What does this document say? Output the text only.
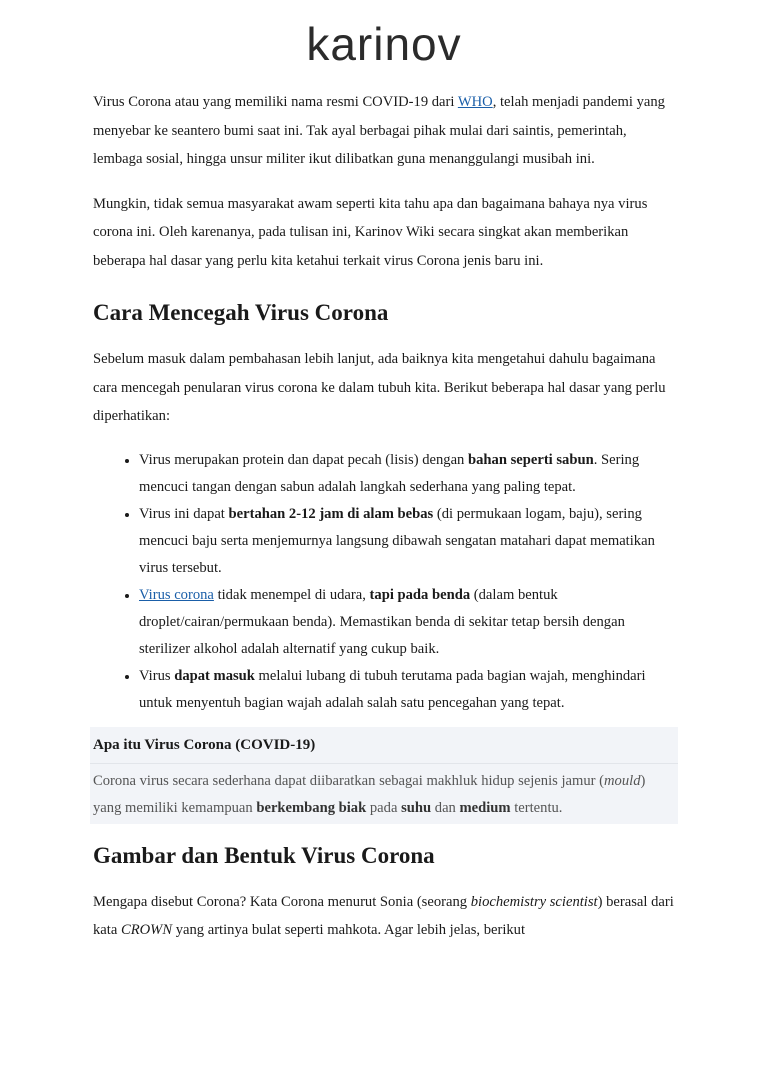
karinov

Virus Corona atau yang memiliki nama resmi COVID-19 dari WHO, telah menjadi pandemi yang menyebar ke seantero bumi saat ini. Tak ayal berbagai pihak mulai dari saintis, pemerintah, lembaga sosial, hingga unsur militer ikut dilibatkan guna menanggulangi musibah ini.

Mungkin, tidak semua masyarakat awam seperti kita tahu apa dan bagaimana bahaya nya virus corona ini. Oleh karenanya, pada tulisan ini, Karinov Wiki secara singkat akan memberikan beberapa hal dasar yang perlu kita ketahui terkait virus Corona jenis baru ini.

Cara Mencegah Virus Corona

Sebelum masuk dalam pembahasan lebih lanjut, ada baiknya kita mengetahui dahulu bagaimana cara mencegah penularan virus corona ke dalam tubuh kita. Berikut beberapa hal dasar yang perlu diperhatikan:

• Virus merupakan protein dan dapat pecah (lisis) dengan bahan seperti sabun. Sering mencuci tangan dengan sabun adalah langkah sederhana yang paling tepat.
• Virus ini dapat bertahan 2-12 jam di alam bebas (di permukaan logam, baju), sering mencuci baju serta menjemurnya langsung dibawah sengatan matahari dapat mematikan virus tersebut.
• Virus corona tidak menempel di udara, tapi pada benda (dalam bentuk droplet/cairan/permukaan benda). Memastikan benda di sekitar tetap bersih dengan sterilizer alkohol adalah alternatif yang cukup baik.
• Virus dapat masuk melalui lubang di tubuh terutama pada bagian wajah, menghindari untuk menyentuh bagian wajah adalah salah satu pencegahan yang tepat.
Apa itu Virus Corona (COVID-19)
Corona virus secara sederhana dapat diibaratkan sebagai makhluk hidup sejenis jamur (mould) yang memiliki kemampuan berkembang biak pada suhu dan medium tertentu.
Gambar dan Bentuk Virus Corona

Mengapa disebut Corona? Kata Corona menurut Sonia (seorang biochemistry scientist) berasal dari kata CROWN yang artinya bulat seperti mahkota. Agar lebih jelas, berikut
